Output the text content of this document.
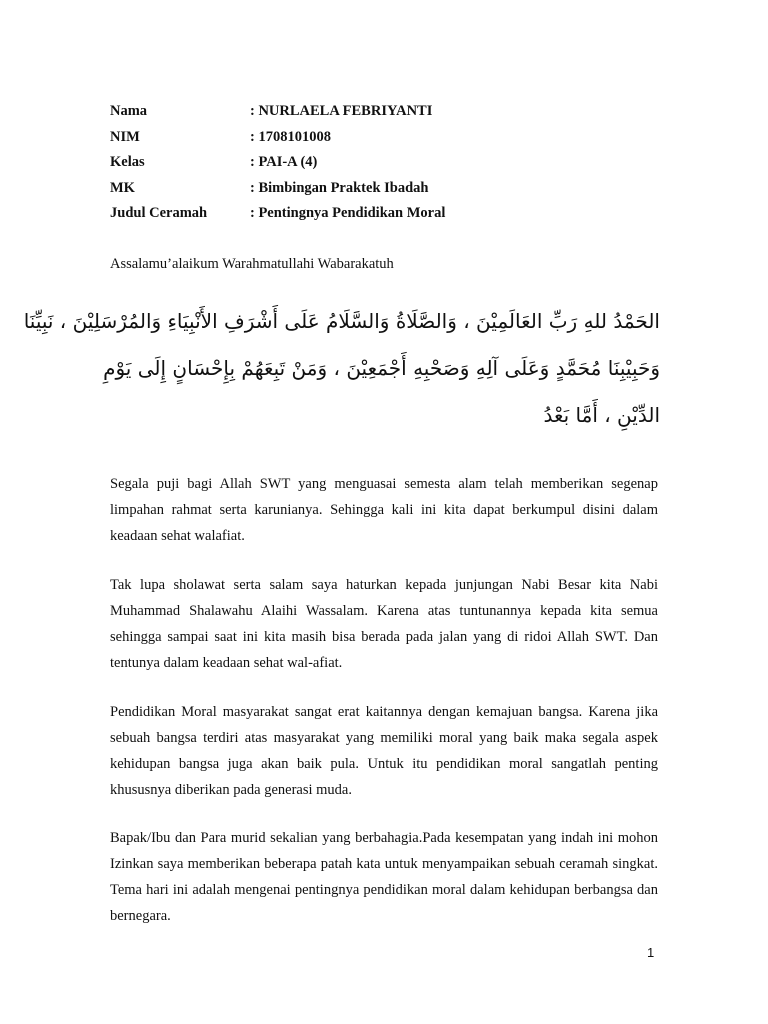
Nama	: NURLAELA FEBRIYANTI
NIM	: 1708101008
Kelas	: PAI-A (4)
MK	: Bimbingan Praktek Ibadah
Judul Ceramah	: Pentingnya Pendidikan Moral
Assalamu’alaikum Warahmatullahi Wabarakatuh
الحَمْدُ للهِ رَبِّ العَالَمِيْنَ ، وَالصَّلَاةُ وَالسَّلَامُ عَلَى أَشْرَفِ الأَنْبِيَاءِ وَالمُرْسَلِيْنَ ، نَبِيِّنَا
وَحَبِيْبِنَا مُحَمَّدٍ وَعَلَى آلِهِ وَصَحْبِهِ أَجْمَعِيْنَ ، وَمَنْ تَبِعَهُمْ بِإِحْسَانٍ إِلَى يَوْمِ
الدِّيْنِ ، أَمَّا بَعْدُ
Segala puji bagi Allah SWT yang menguasai semesta alam telah memberikan segenap limpahan rahmat serta karunianya. Sehingga kali ini kita dapat berkumpul disini dalam keadaan sehat walafiat.
Tak lupa sholawat serta salam saya haturkan kepada junjungan Nabi Besar kita Nabi Muhammad Shalawahu Alaihi Wassalam. Karena atas tuntunannya kepada kita semua sehingga sampai saat ini kita masih bisa berada pada jalan yang di ridoi Allah SWT. Dan tentunya dalam keadaan sehat wal-afiat.
Pendidikan Moral masyarakat sangat erat kaitannya dengan kemajuan bangsa. Karena jika sebuah bangsa terdiri atas masyarakat yang memiliki moral yang baik maka segala aspek kehidupan bangsa juga akan baik pula. Untuk itu pendidikan moral sangatlah penting khususnya diberikan pada generasi muda.
Bapak/Ibu dan Para murid sekalian yang berbahagia.Pada kesempatan yang indah ini mohon Izinkan saya memberikan beberapa patah kata untuk menyampaikan sebuah ceramah singkat. Tema hari ini adalah mengenai pentingnya pendidikan moral dalam kehidupan berbangsa dan bernegara.
1
